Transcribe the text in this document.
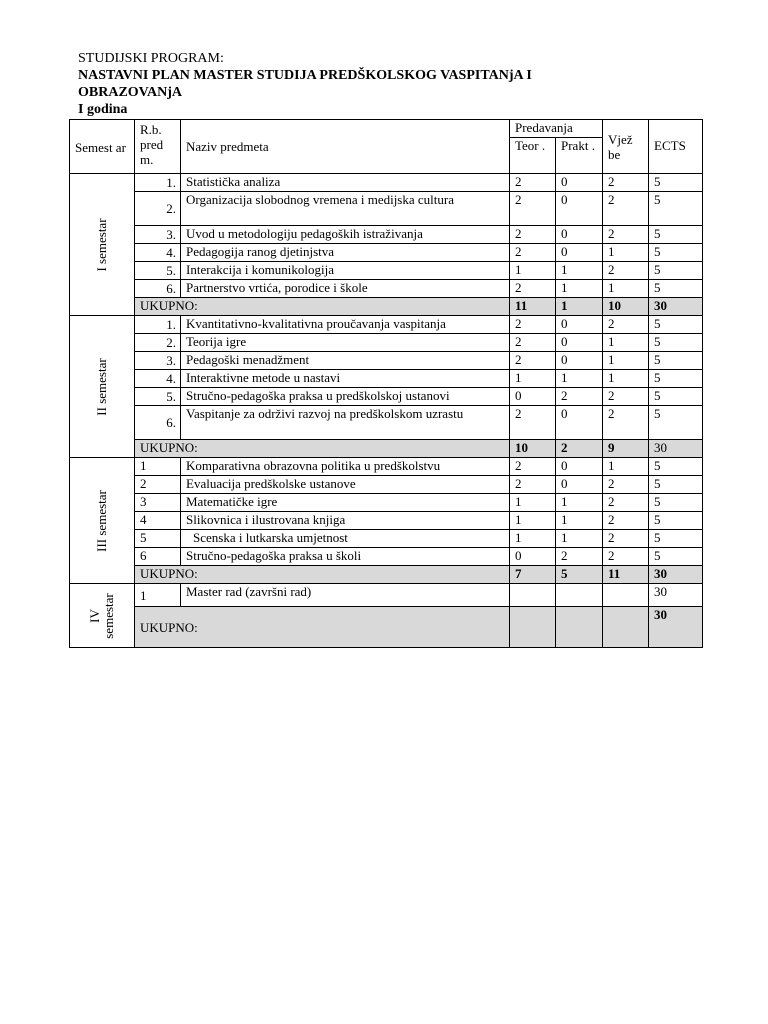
STUDIJSKI PROGRAM:
NASTAVNI PLAN MASTER STUDIJA PREDŠKOLSKOG VASPITANjA I
OBRAZOVANjA
I godina
Semest ar	R.b. pred m.	Naziv predmeta	Predavanja		Vjež be	ECTS
			Teor .	Prakt .		

I semestar	1.	Statistička analiza	2	0	2	5
	2.	Organizacija slobodnog vremena i medijska cultura	2	0	2	5
	3.	Uvod u metodologiju pedagoških istraživanja	2	0	2	5
	4.	Pedagogija ranog djetinjstva	2	0	1	5
	5.	Interakcija i komunikologija	1	1	2	5
	6.	Partnerstvo vrtića, porodice i škole	2	1	1	5
	UKUPNO:		11	1	10	30

II semestar	1.	Kvantitativno-kvalitativna proučavanja vaspitanja	2	0	2	5
	2.	Teorija igre	2	0	1	5
	3.	Pedagoški menadžment	2	0	1	5
	4.	Interaktivne metode u nastavi	1	1	1	5
	5.	Stručno-pedagoška praksa u predškolskoj ustanovi	0	2	2	5
	6.	Vaspitanje za održivi razvoj na predškolskom uzrastu	2	0	2	5
	UKUPNO:		10	2	9	30

III semestar	1	Komparativna obrazovna politika u predškolstvu	2	0	1	5
	2	Evaluacija predškolske ustanove	2	0	2	5
	3	Matematičke igre	1	1	2	5
	4	Slikovnica i ilustrovana knjiga	1	1	2	5
	5	Scenska i lutkarska umjetnost	1	1	2	5
	6	Stručno-pedagoška praksa u školi	0	2	2	5
	UKUPNO:		7	5	11	30

IV semestar	1	Master rad (završni rad)				30
	UKUPNO:					30
